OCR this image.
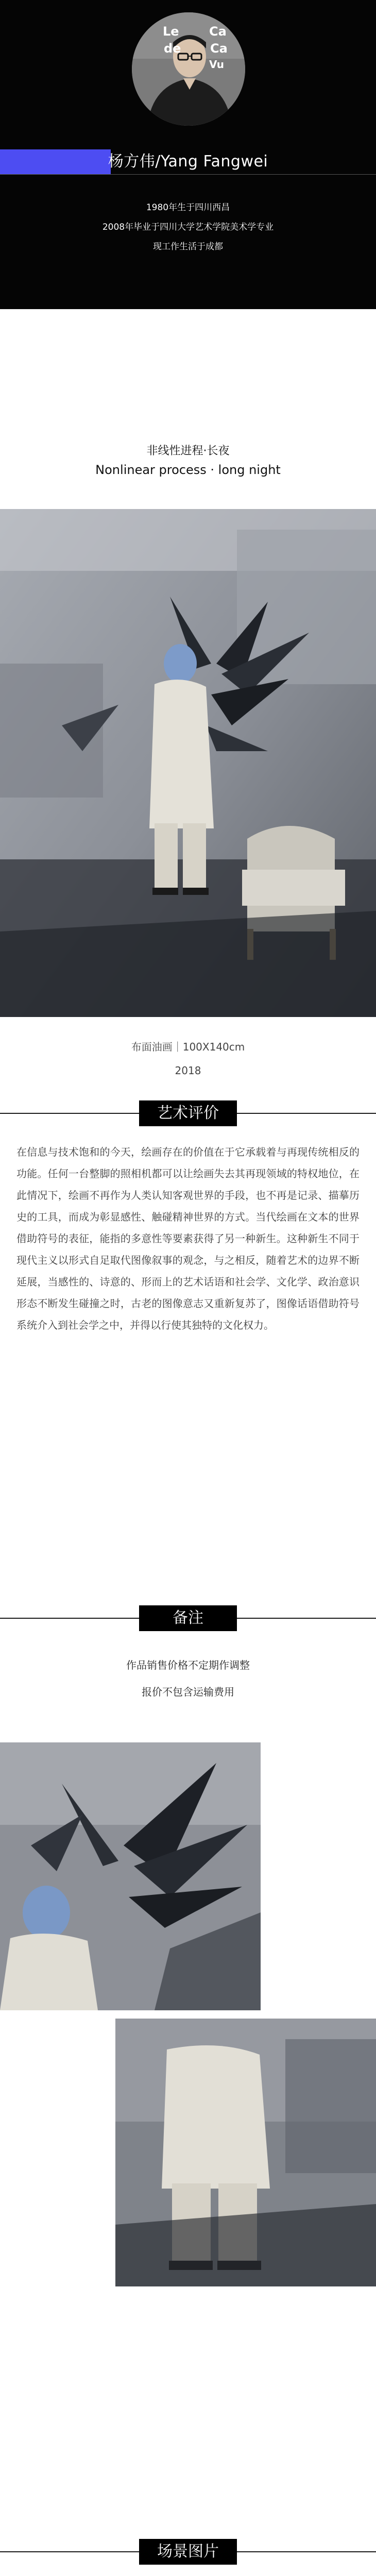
Le
de
Ca
Ca
Vu
杨方伟/Yang Fangwei
1980年生于四川西昌
2008年毕业于四川大学艺术学院美术学专业
现工作生活于成都
非线性进程·长夜
Nonlinear process · long night
布面油画｜100X140cm
2018
艺术评价

在信息与技术饱和的今天，绘画存在的价值在于它承载着与再现传统相反的功能。任何一台整脚的照相机都可以让绘画失去其再现领域的特权地位，在此情况下，绘画不再作为人类认知客观世界的手段，也不再是记录、描摹历史的工具，而成为彰显感性、触碰精神世界的方式。当代绘画在文本的世界借助符号的表征，能指的多意性等要素获得了另一种新生。这种新生不同于现代主义以形式自足取代图像叙事的观念，与之相反，随着艺术的边界不断延展，当感性的、诗意的、形而上的艺术话语和社会学、文化学、政治意识形态不断发生碰撞之时，古老的图像意志又重新复苏了，图像话语借助符号系统介入到社会学之中，并得以行使其独特的文化权力。

备注
作品销售价格不定期作调整
报价不包含运输费用
场景图片
